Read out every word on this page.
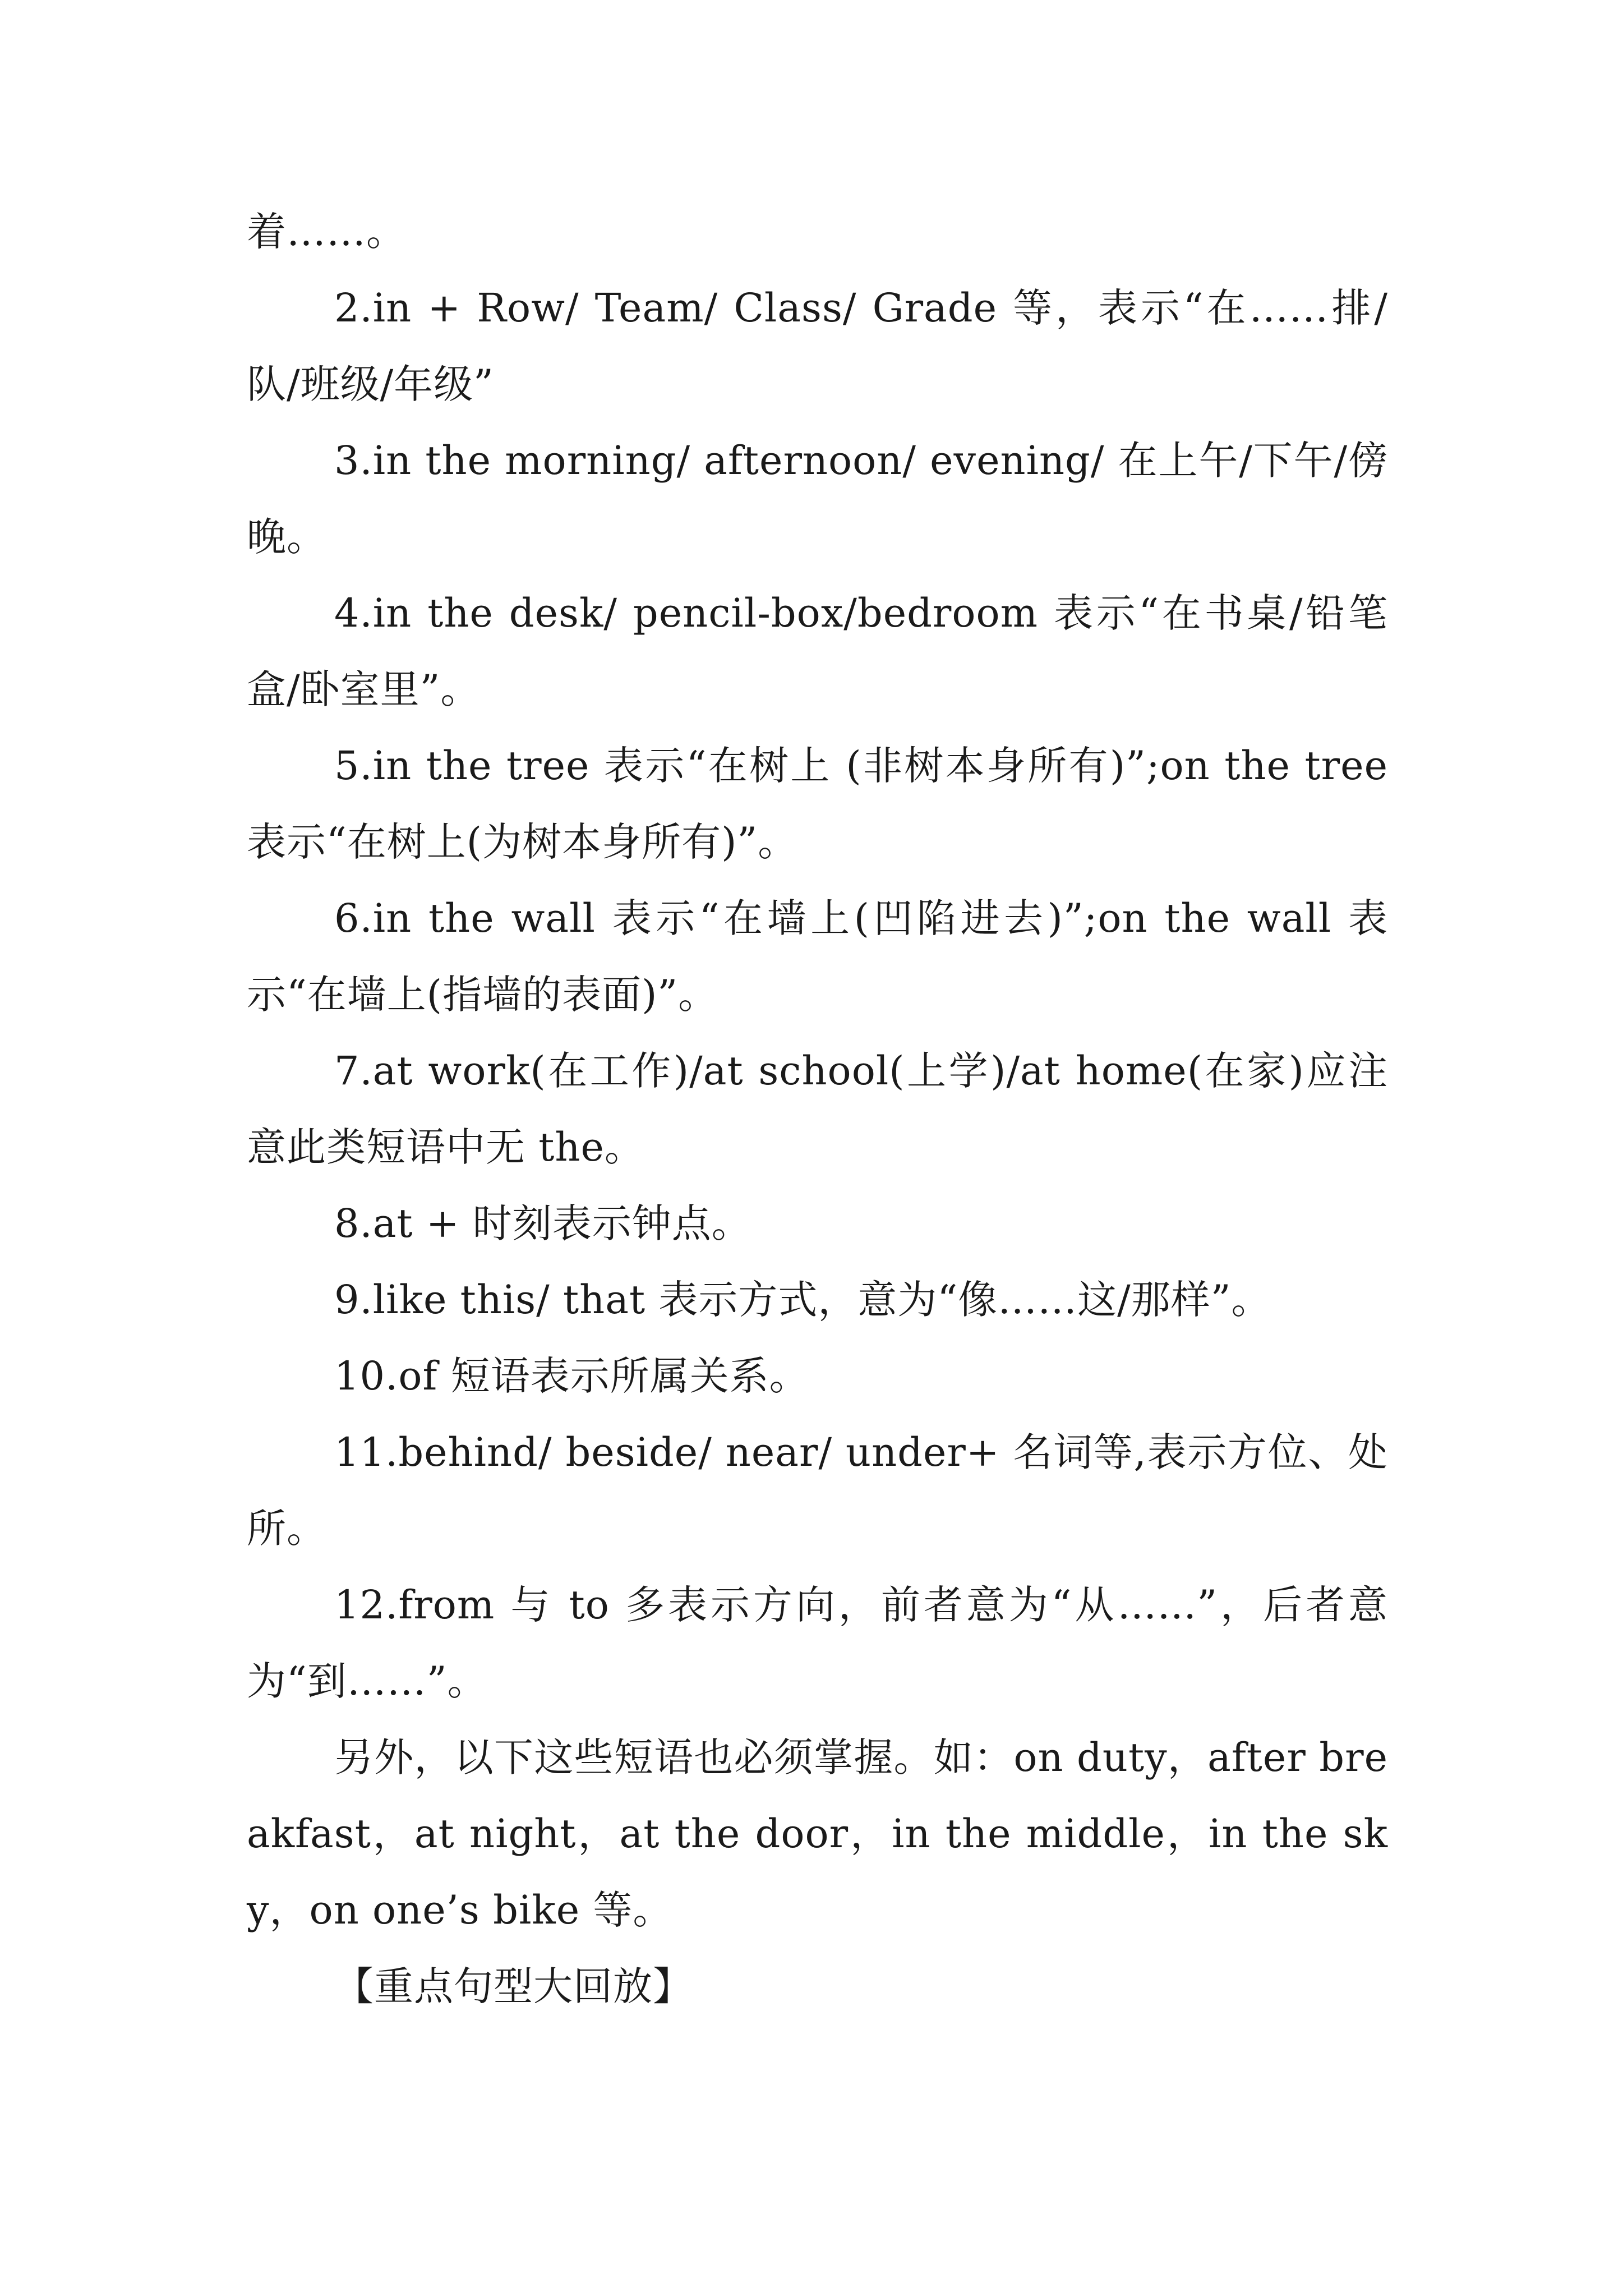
着……。

2.in + Row/ Team/ Class/ Grade 等，表示“在……排/队/班级/年级”

3.in the morning/ afternoon/ evening/ 在上午/下午/傍晚。

4.in the desk/ pencil-box/bedroom 表示“在书桌/铅笔盒/卧室里”。

5.in the tree 表示“在树上 (非树本身所有)”;on the tree 表示“在树上(为树本身所有)”。

6.in the wall 表示“在墙上(凹陷进去)”;on the wall 表示“在墙上(指墙的表面)”。

7.at work(在工作)/at school(上学)/at home(在家)应注意此类短语中无 the。

8.at + 时刻表示钟点。

9.like this/ that 表示方式，意为“像……这/那样”。

10.of 短语表示所属关系。

11.behind/ beside/ near/ under+ 名词等,表示方位、处所。

12.from 与 to 多表示方向，前者意为“从……”，后者意为“到……”。

另外，以下这些短语也必须掌握。如：on duty，after breakfast，at night，at the door，in the middle，in the sky，on one’s bike 等。

【重点句型大回放】
